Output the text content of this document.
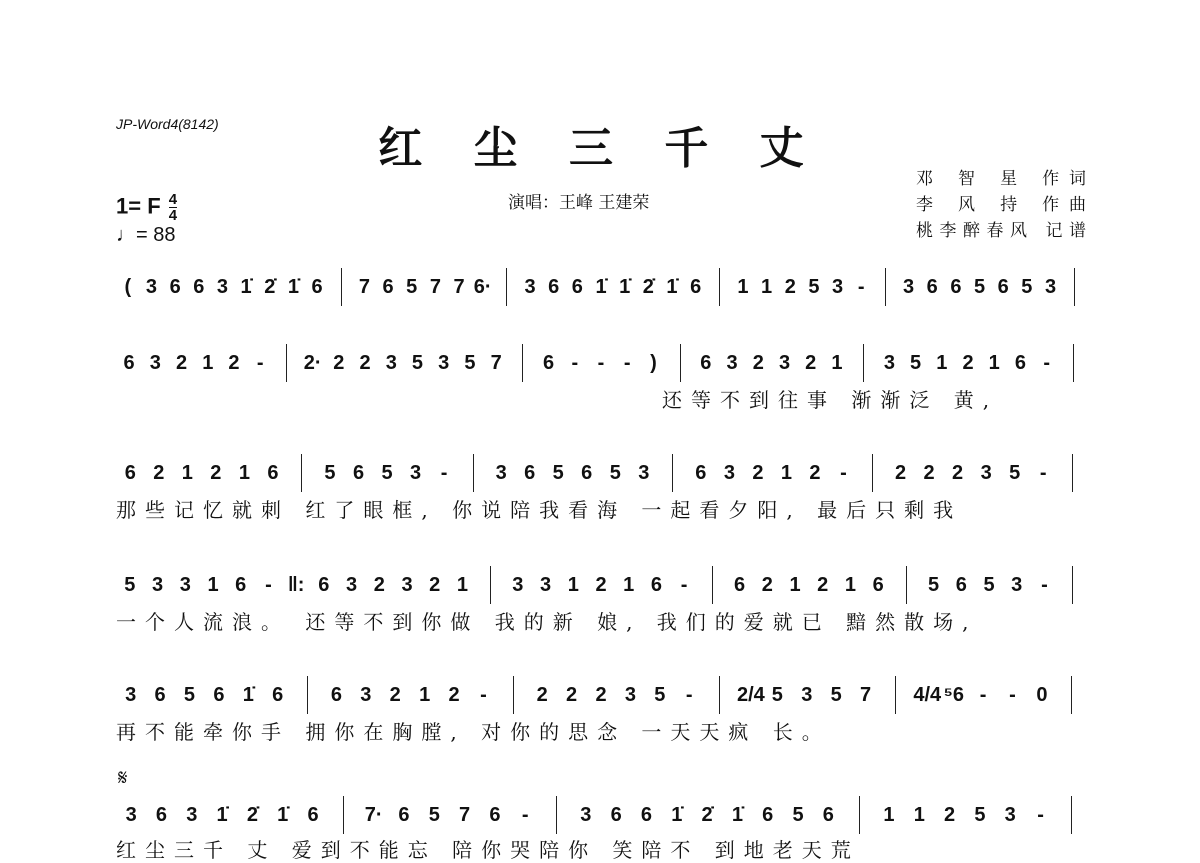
JP-Word4(8142)	红 尘 三 千 丈
演唱：王峰 王建荣
邓 智 星 作词
李 风 持 作曲
桃李醉春风 记谱
1= F $\frac{4}{4}$
♩= 88
( 3 6 6 3 1̇ 2̇ 1̇ 6 7 6 5 7 7 6· 3 6 6 1̇ 1̇ 2̇ 1̇ 6 1 1 2 5 3 -	3 6 6 5 6 5 3
6 3 2 1 2 -	2· 2 2 3 5 3 5 7 6 - - - )	6 3 2 3 2 1 3 5 1 2 1 6 -
6 2 1 2 1 6 5 6 5 3 -	3 6 5 6 5 3 6 3 2 1 2 -	2 2 2 3 5 -
5 3 3 1 6 - ‖: 6 3 2 3 2 1 3 3 1 2 1 6 -	6 2 1 2 1 6 5 6 5 3 -
3 6 5 6 1̇ 6 6 3 2 1 2	-	2 2 2 3 5	-	2/4 5 3 5 7 4/4 ⁵6 -	-	0
3 6 3 1̇ 2̇ 1̇ 6 7· 6 5 7 6	-	3 6 6 1̇ 2̇ 1̇ 6 5 6 1 1 2 5 3	-
还等不到往事 渐渐泛 黄,
那些记忆就刺 红了眼框, 你说陪我看海 一起看夕阳, 最后只剩我
一个人流浪。 还等不到你做 我的新 娘, 我们的爱就已 黯然散场,
再不能牵你手 拥你在胸膛, 对你的思念 一天天疯 长。
红尘三千 丈 爱到不能忘 陪你哭陪你 笑陪不 到地老天荒
𝄋
